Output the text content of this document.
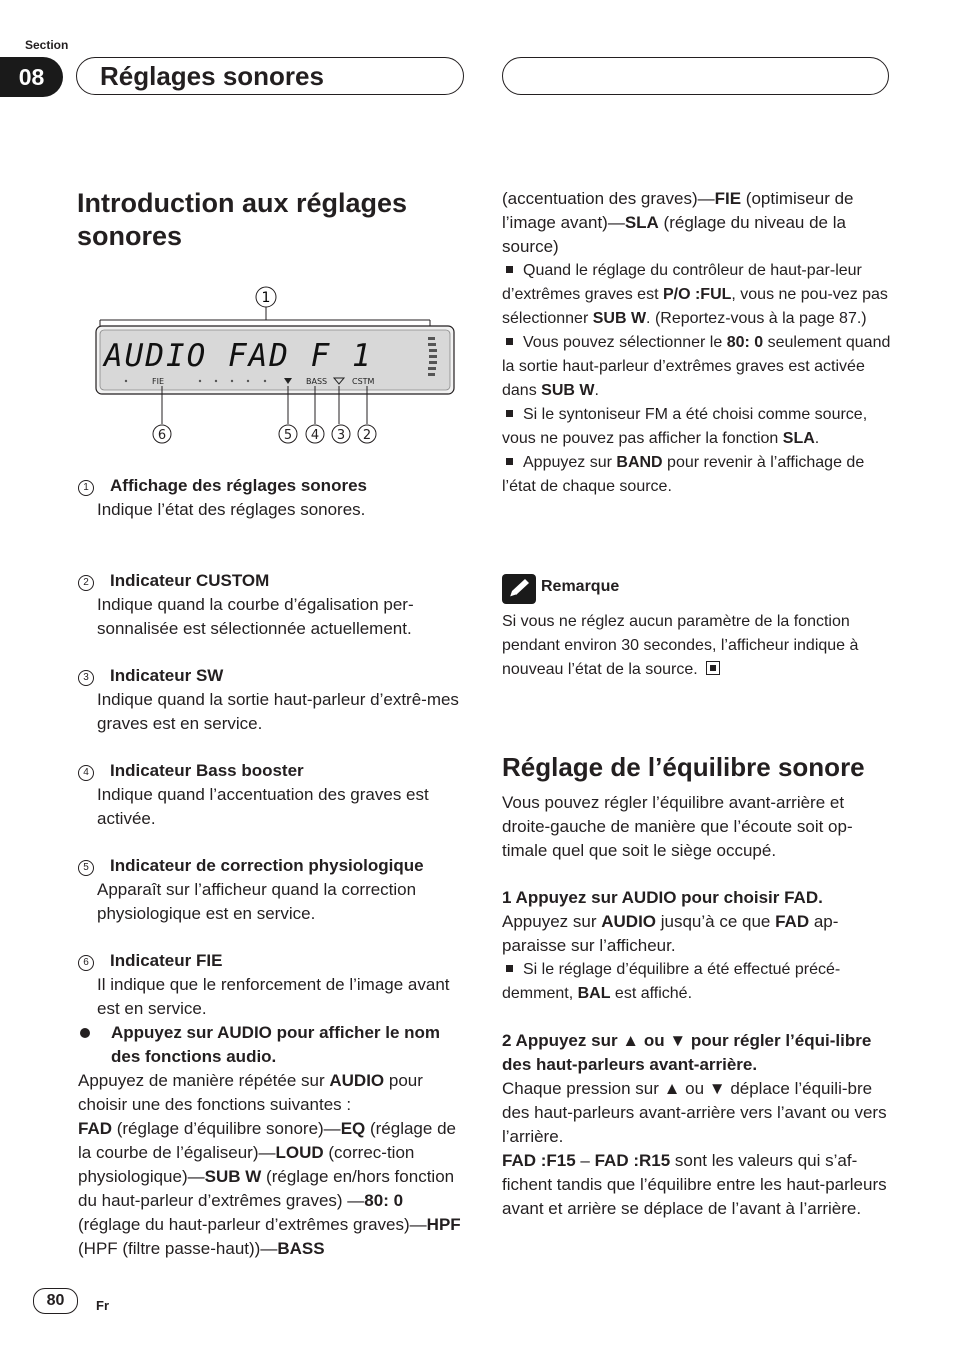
Section
08	Réglages sonores
Introduction aux réglages sonores
1
AUDIO FAD F 1
FIE	BASS	CSTM
6	5 4 3 2
1 Affichage des réglages sonores
Indique l’état des réglages sonores.
2 Indicateur CUSTOM
Indique quand la courbe d’égalisation per-sonnalisée est sélectionnée actuellement.
3 Indicateur SW
Indique quand la sortie haut-parleur d’extrê-mes graves est en service.
4 Indicateur Bass booster
Indique quand l’accentuation des graves est activée.
5 Indicateur de correction physiologique
Apparaît sur l’afficheur quand la correction physiologique est en service.
6 Indicateur FIE
Il indique que le renforcement de l’image avant est en service.
Appuyez sur AUDIO pour afficher le nom des fonctions audio.
Appuyez de manière répétée sur AUDIO pour choisir une des fonctions suivantes :
FAD (réglage d’équilibre sonore)—EQ (réglage de la courbe de l’égaliseur)—LOUD (correc-tion physiologique)—SUB W (réglage en/hors fonction du haut-parleur d’extrêmes graves) —80: 0 (réglage du haut-parleur d’extrêmes graves)—HPF (HPF (filtre passe-haut))—BASS
(accentuation des graves)—FIE (optimiseur de l’image avant)—SLA (réglage du niveau de la source)
Quand le réglage du contrôleur de haut-par-leur d’extrêmes graves est P/O :FUL, vous ne pou-vez pas sélectionner SUB W. (Reportez-vous à la page 87.)
Vous pouvez sélectionner le 80: 0 seulement quand la sortie haut-parleur d’extrêmes graves est activée dans SUB W.
Si le syntoniseur FM a été choisi comme source, vous ne pouvez pas afficher la fonction SLA.
Appuyez sur BAND pour revenir à l’affichage de l’état de chaque source.
Remarque
Si vous ne réglez aucun paramètre de la fonction pendant environ 30 secondes, l’afficheur indique à nouveau l’état de la source.
Réglage de l’équilibre sonore
Vous pouvez régler l’équilibre avant-arrière et droite-gauche de manière que l’écoute soit op-timale quel que soit le siège occupé.
1 Appuyez sur AUDIO pour choisir FAD.
Appuyez sur AUDIO jusqu’à ce que FAD ap-paraisse sur l’afficheur.
Si le réglage d’équilibre a été effectué précé-demment, BAL est affiché.
2 Appuyez sur ▲ ou ▼ pour régler l’équi-libre des haut-parleurs avant-arrière.
Chaque pression sur ▲ ou ▼ déplace l’équili-bre des haut-parleurs avant-arrière vers l’avant ou vers l’arrière.
FAD :F15 – FAD :R15 sont les valeurs qui s’af-fichent tandis que l’équilibre entre les haut-parleurs avant et arrière se déplace de l’avant à l’arrière.
80	Fr
